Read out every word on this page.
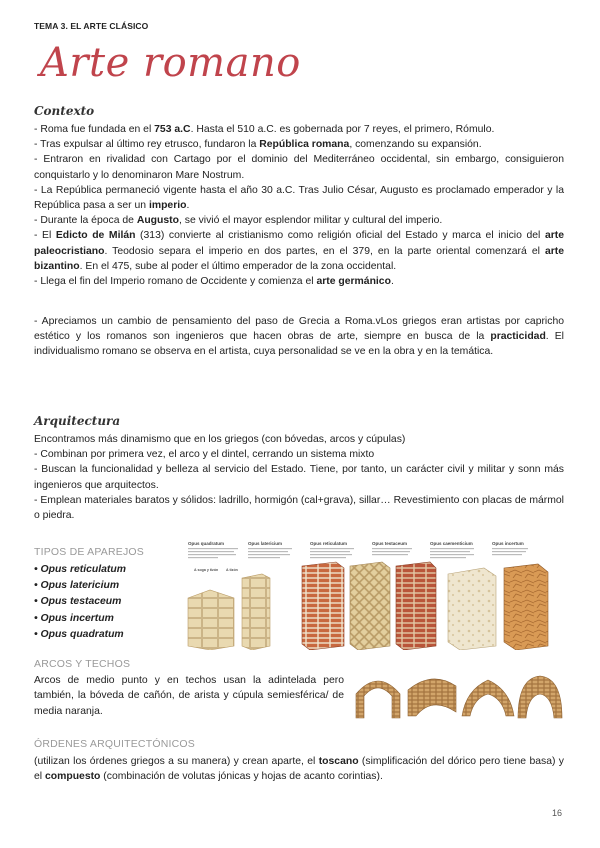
TEMA 3. EL ARTE CLÁSICO
Arte romano
Contexto

- Roma fue fundada en el 753 a.C. Hasta el 510 a.C. es gobernada por 7 reyes, el primero, Rómulo.

- Tras expulsar al último rey etrusco, fundaron la República romana, comenzando su expansión.

- Entraron en rivalidad con Cartago por el dominio del Mediterráneo occidental, sin embargo, consiguieron conquistarlo y lo denominaron Mare Nostrum.

- La República permaneció vigente hasta el año 30 a.C. Tras Julio César, Augusto es proclamado emperador y la República pasa a ser un imperio.

- Durante la época de Augusto, se vivió el mayor esplendor militar y cultural del imperio.

- El Edicto de Milán (313) convierte al cristianismo como religión oficial del Estado y marca el inicio del arte paleocristiano. Teodosio separa el imperio en dos partes, en el 379, en la parte oriental comenzará el arte bizantino. En el 475, sube al poder el último emperador de la zona occidental.

- Llega el fin del Imperio romano de Occidente y comienza el arte germánico.

- Apreciamos un cambio de pensamiento del paso de Grecia a Roma.vLos griegos eran artistas por capricho estético y los romanos son ingenieros que hacen obras de arte, siempre en busca de la practicidad. El individualismo romano se observa en el artista, cuya personalidad se ve en la obra y en la temática.

Arquitectura

Encontramos más dinamismo que en los griegos (con bóvedas, arcos y cúpulas)

- Combinan por primera vez, el arco y el dintel, cerrando un sistema mixto

- Buscan la funcionalidad y belleza al servicio del Estado. Tiene, por tanto, un carácter civil y militar y sonn más ingenieros que arquitectos.

- Emplean materiales baratos y sólidos: ladrillo, hormigón (cal+grava), sillar… Revestimiento con placas de mármol o piedra.

TIPOS DE APAREJOS
• Opus reticulatum
• Opus latericium
• Opus testaceum
• Opus incertum
• Opus quadratum
Opus quadratum	Opus latericium	Opus reticulatum	Opus testaceum	Opus caementicium	Opus incertum
A soga y tizón A tizón
ARCOS Y TECHOS
Arcos de medio punto y en techos usan la adintelada pero también, la bóveda de cañón, de arista y cúpula semiesférica/ de media naranja.
ÓRDENES ARQUITECTÓNICOS

(utilizan los órdenes griegos a su manera) y crean aparte, el toscano (simplificación del dórico pero tiene basa) y el compuesto (combinación de volutas jónicas y hojas de acanto corintias).

16
